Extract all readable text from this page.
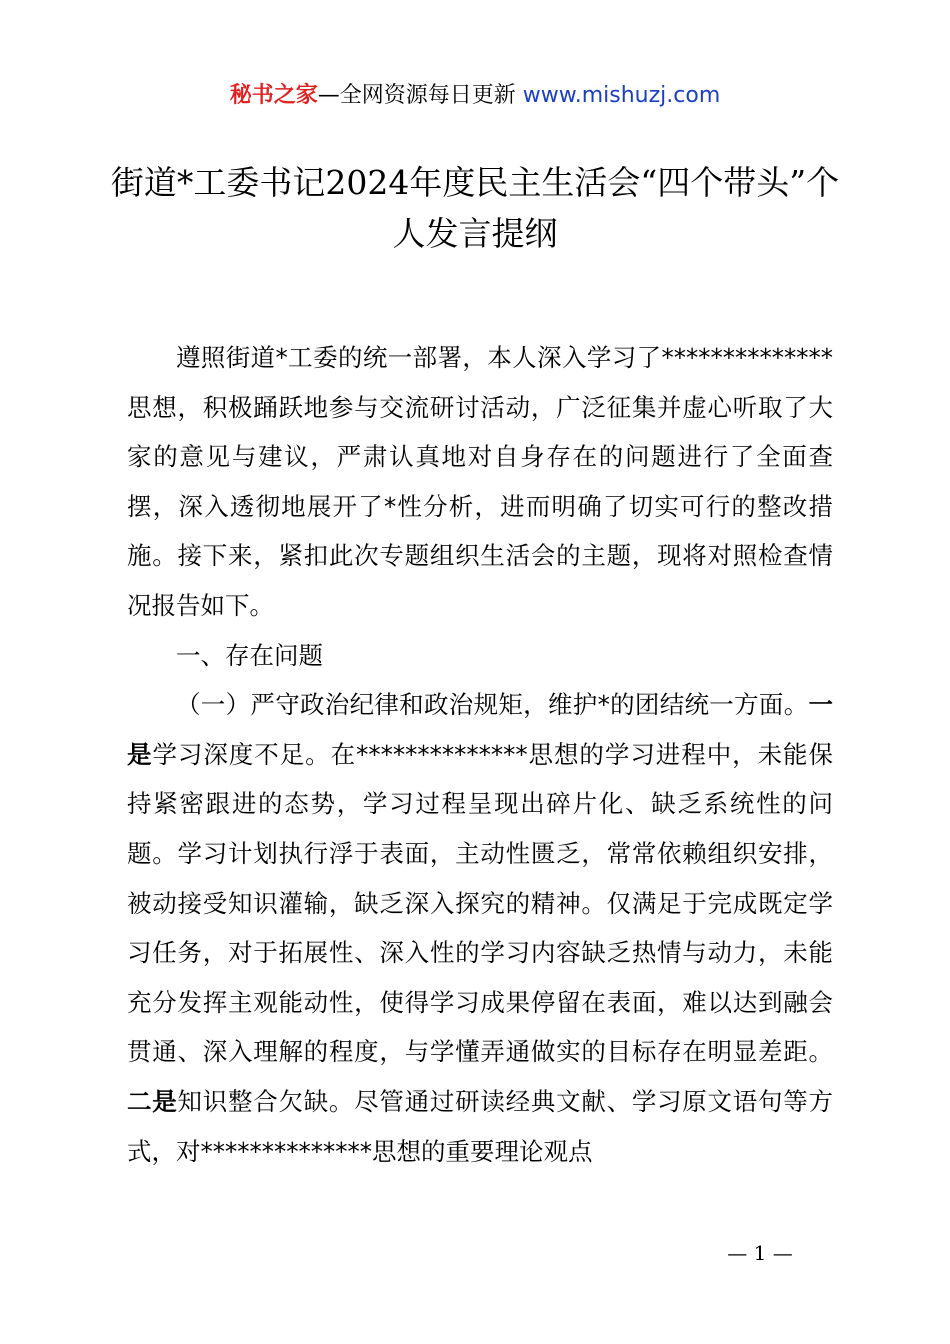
秘书之家—全网资源每日更新 www.mishuzj.com
街道*工委书记2024年度民主生活会“四个带头”个人发言提纲

遵照街道*工委的统一部署，本人深入学习了**************思想，积极踊跃地参与交流研讨活动，广泛征集并虚心听取了大家的意见与建议，严肃认真地对自身存在的问题进行了全面查摆，深入透彻地展开了*性分析，进而明确了切实可行的整改措施。接下来，紧扣此次专题组织生活会的主题，现将对照检查情况报告如下。

一、存在问题

（一）严守政治纪律和政治规矩，维护*的团结统一方面。一是学习深度不足。在**************思想的学习进程中，未能保持紧密跟进的态势，学习过程呈现出碎片化、缺乏系统性的问题。学习计划执行浮于表面，主动性匮乏，常常依赖组织安排，被动接受知识灌输，缺乏深入探究的精神。仅满足于完成既定学习任务，对于拓展性、深入性的学习内容缺乏热情与动力，未能充分发挥主观能动性，使得学习成果停留在表面，难以达到融会贯通、深入理解的程度，与学懂弄通做实的目标存在明显差距。二是知识整合欠缺。尽管通过研读经典文献、学习原文语句等方式，对**************思想的重要理论观点

— 1 —
